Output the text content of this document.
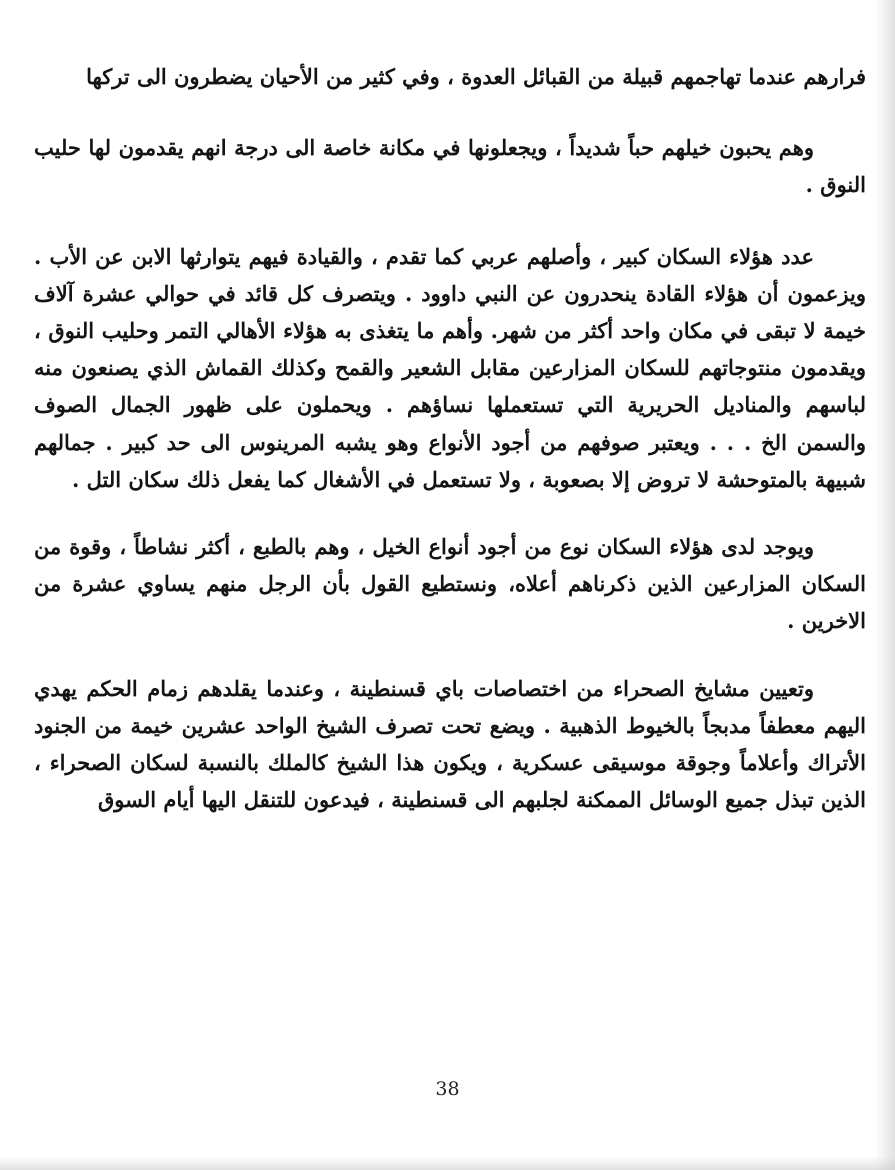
فرارهم عندما تهاجمهم قبيلة من القبائل العدوة ، وفي كثير من الأحيان يضطرون الى تركها

وهم يحبون خيلهم حباً شديداً ، ويجعلونها في مكانة خاصة الى درجة انهم يقدمون لها حليب النوق .

عدد هؤلاء السكان كبير ، وأصلهم عربي كما تقدم ، والقيادة فيهم يتوارثها الابن عن الأب . ويزعمون أن هؤلاء القادة ينحدرون عن النبي داوود . ويتصرف كل قائد في حوالي عشرة آلاف خيمة لا تبقى في مكان واحد أكثر من شهر. وأهم ما يتغذى به هؤلاء الأهالي التمر وحليب النوق ، ويقدمون منتوجاتهم للسكان المزارعين مقابل الشعير والقمح وكذلك القماش الذي يصنعون منه لباسهم والمناديل الحريرية التي تستعملها نساؤهم . ويحملون على ظهور الجمال الصوف والسمن الخ . . . ويعتبر صوفهم من أجود الأنواع وهو يشبه المرينوس الى حد كبير . جمالهم شبيهة بالمتوحشة لا تروض إلا بصعوبة ، ولا تستعمل في الأشغال كما يفعل ذلك سكان التل .

ويوجد لدى هؤلاء السكان نوع من أجود أنواع الخيل ، وهم بالطبع ، أكثر نشاطاً ، وقوة من السكان المزارعين الذين ذكرناهم أعلاه، ونستطيع القول بأن الرجل منهم يساوي عشرة من الاخرين .

وتعيين مشايخ الصحراء من اختصاصات باي قسنطينة ، وعندما يقلدهم زمام الحكم يهدي اليهم معطفاً مدبجاً بالخيوط الذهبية . ويضع تحت تصرف الشيخ الواحد عشرين خيمة من الجنود الأتراك وأعلاماً وجوقة موسيقى عسكرية ، ويكون هذا الشيخ كالملك بالنسبة لسكان الصحراء ، الذين تبذل جميع الوسائل الممكنة لجلبهم الى قسنطينة ، فيدعون للتنقل اليها أيام السوق

38
